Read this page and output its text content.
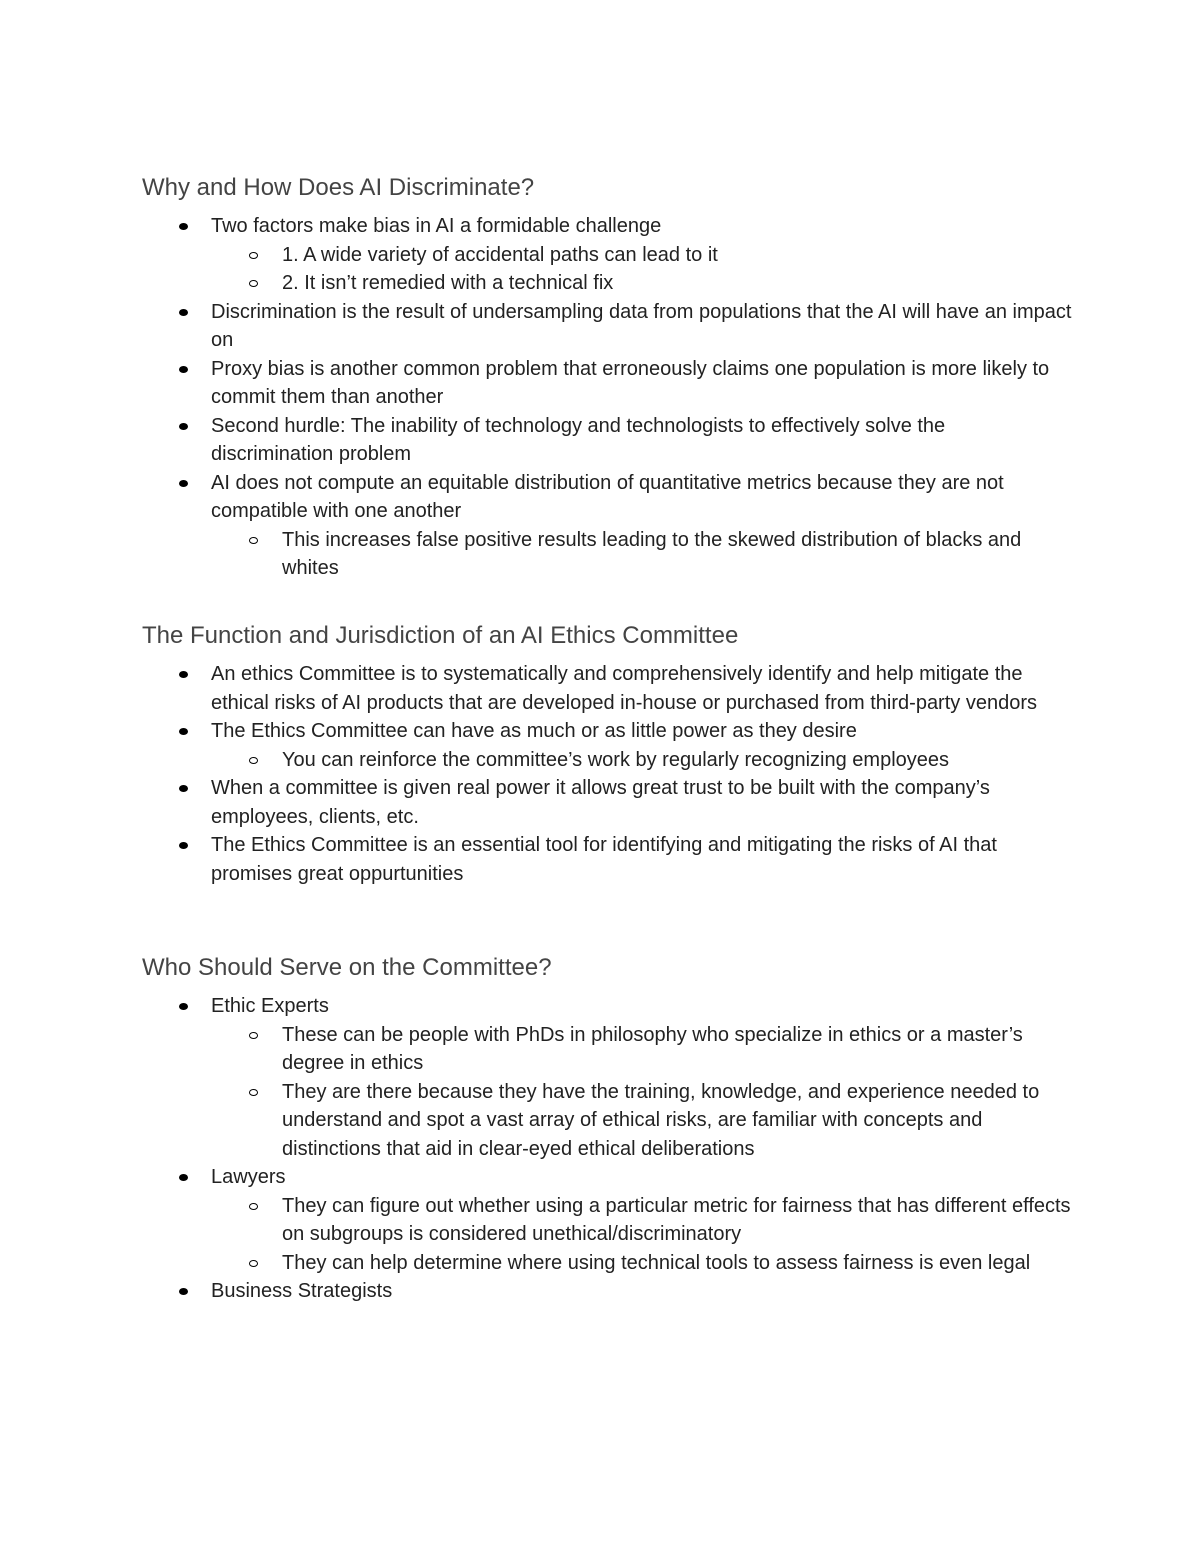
Why and How Does AI Discriminate?
Two factors make bias in AI a formidable challenge
1. A wide variety of accidental paths can lead to it
2. It isn’t remedied with a technical fix
Discrimination is the result of undersampling data from populations that the AI will have an impact on
Proxy bias is another common problem that erroneously claims one population is more likely to commit them than another
Second hurdle: The inability of technology and technologists to effectively solve the discrimination problem
AI does not compute an equitable distribution of quantitative metrics because they are not compatible with one another
This increases false positive results leading to the skewed distribution of blacks and whites
The Function and Jurisdiction of an AI Ethics Committee
An ethics Committee is to systematically and comprehensively identify and help mitigate the ethical risks of AI products that are developed in-house or purchased from third-party vendors
The Ethics Committee can have as much or as little power as they desire
You can reinforce the committee’s work by regularly recognizing employees
When a committee is given real power it allows great trust to be built with the company’s employees, clients, etc.
The Ethics Committee is an essential tool for identifying and mitigating the risks of AI that promises great oppurtunities
Who Should Serve on the Committee?
Ethic Experts
These can be people with PhDs in philosophy who specialize in ethics or a master’s degree in ethics
They are there because they have the training, knowledge, and experience needed to understand and spot a vast array of ethical risks, are familiar with concepts and distinctions that aid in clear-eyed ethical deliberations
Lawyers
They can figure out whether using a particular metric for fairness that has different effects on subgroups is considered unethical/discriminatory
They can help determine where using technical tools to assess fairness is even legal
Business Strategists
